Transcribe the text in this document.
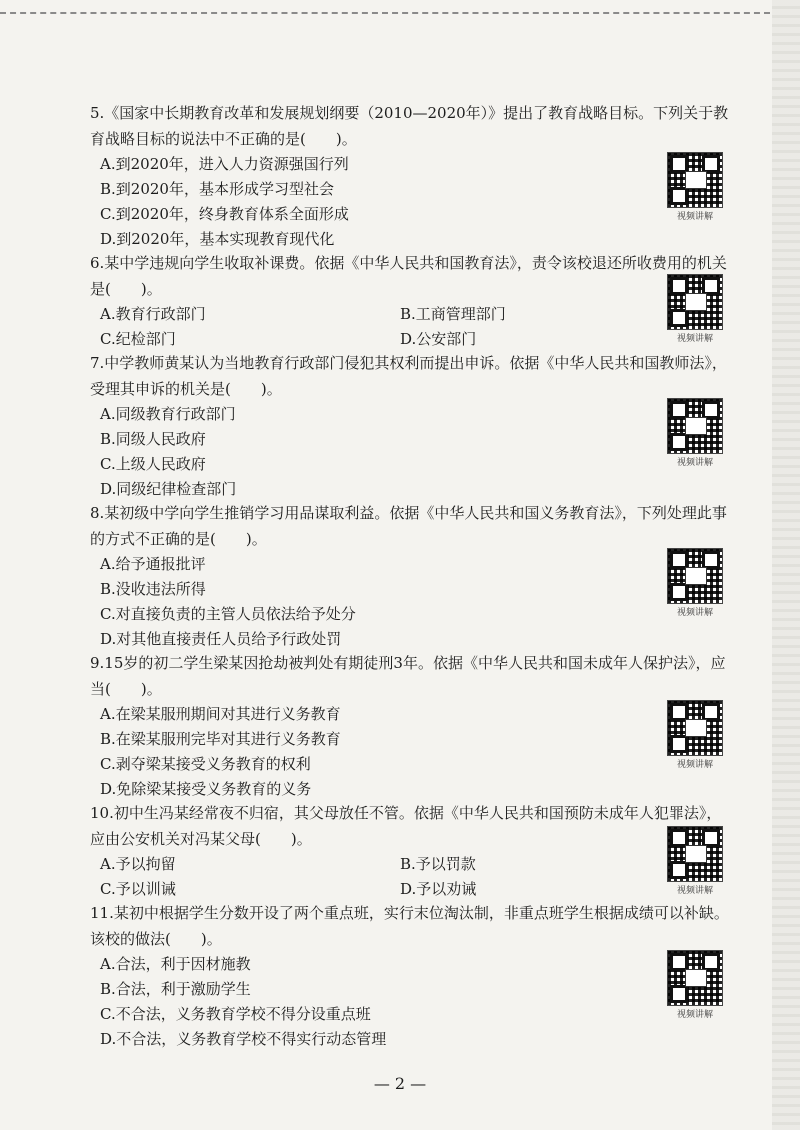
5.《国家中长期教育改革和发展规划纲要（2010—2020年）》提出了教育战略目标。下列关于教育战略目标的说法中不正确的是(　　)。

A.到2020年，进入人力资源强国行列

B.到2020年，基本形成学习型社会

C.到2020年，终身教育体系全面形成

D.到2020年，基本实现教育现代化

视频讲解

6.某中学违规向学生收取补课费。依据《中华人民共和国教育法》，责令该校退还所收费用的机关是(　　)。

A.教育行政部门	B.工商管理部门

C.纪检部门	D.公安部门	视频讲解

7.中学教师黄某认为当地教育行政部门侵犯其权利而提出申诉。依据《中华人民共和国教师法》，受理其申诉的机关是(　　)。

A.同级教育行政部门

B.同级人民政府

C.上级人民政府

D.同级纪律检查部门

视频讲解

8.某初级中学向学生推销学习用品谋取利益。依据《中华人民共和国义务教育法》，下列处理此事的方式不正确的是(　　)。

A.给予通报批评

B.没收违法所得

C.对直接负责的主管人员依法给予处分

D.对其他直接责任人员给予行政处罚

视频讲解

9.15岁的初二学生梁某因抢劫被判处有期徒刑3年。依据《中华人民共和国未成年人保护法》，应当(　　)。

A.在梁某服刑期间对其进行义务教育

B.在梁某服刑完毕对其进行义务教育

C.剥夺梁某接受义务教育的权利

D.免除梁某接受义务教育的义务

视频讲解

10.初中生冯某经常夜不归宿，其父母放任不管。依据《中华人民共和国预防未成年人犯罪法》，应由公安机关对冯某父母(　　)。

A.予以拘留	B.予以罚款

C.予以训诫	D.予以劝诫	视频讲解

11.某初中根据学生分数开设了两个重点班，实行末位淘汰制，非重点班学生根据成绩可以补缺。该校的做法(　　)。

A.合法，利于因材施教

B.合法，利于激励学生

C.不合法，义务教育学校不得分设重点班

D.不合法，义务教育学校不得实行动态管理

视频讲解
— 2 —
